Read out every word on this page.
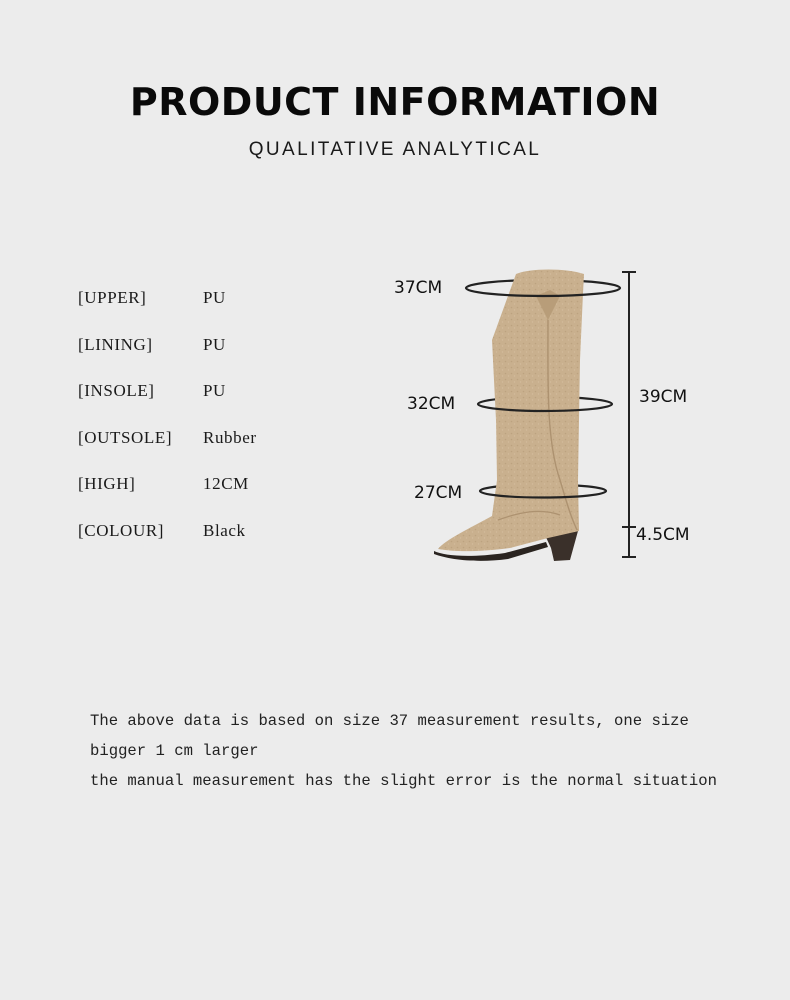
PRODUCT INFORMATION
QUALITATIVE ANALYTICAL
[UPPER]	PU
[LINING]	PU
[INSOLE]	PU
[OUTSOLE]	Rubber
[HIGH]	12CM
[COLOUR]	Black
37CM
32CM
27CM
39CM
4.5CM

The above data is based on size 37 measurement results, one size bigger 1 cm larger

the manual measurement has the slight error is the normal situation
